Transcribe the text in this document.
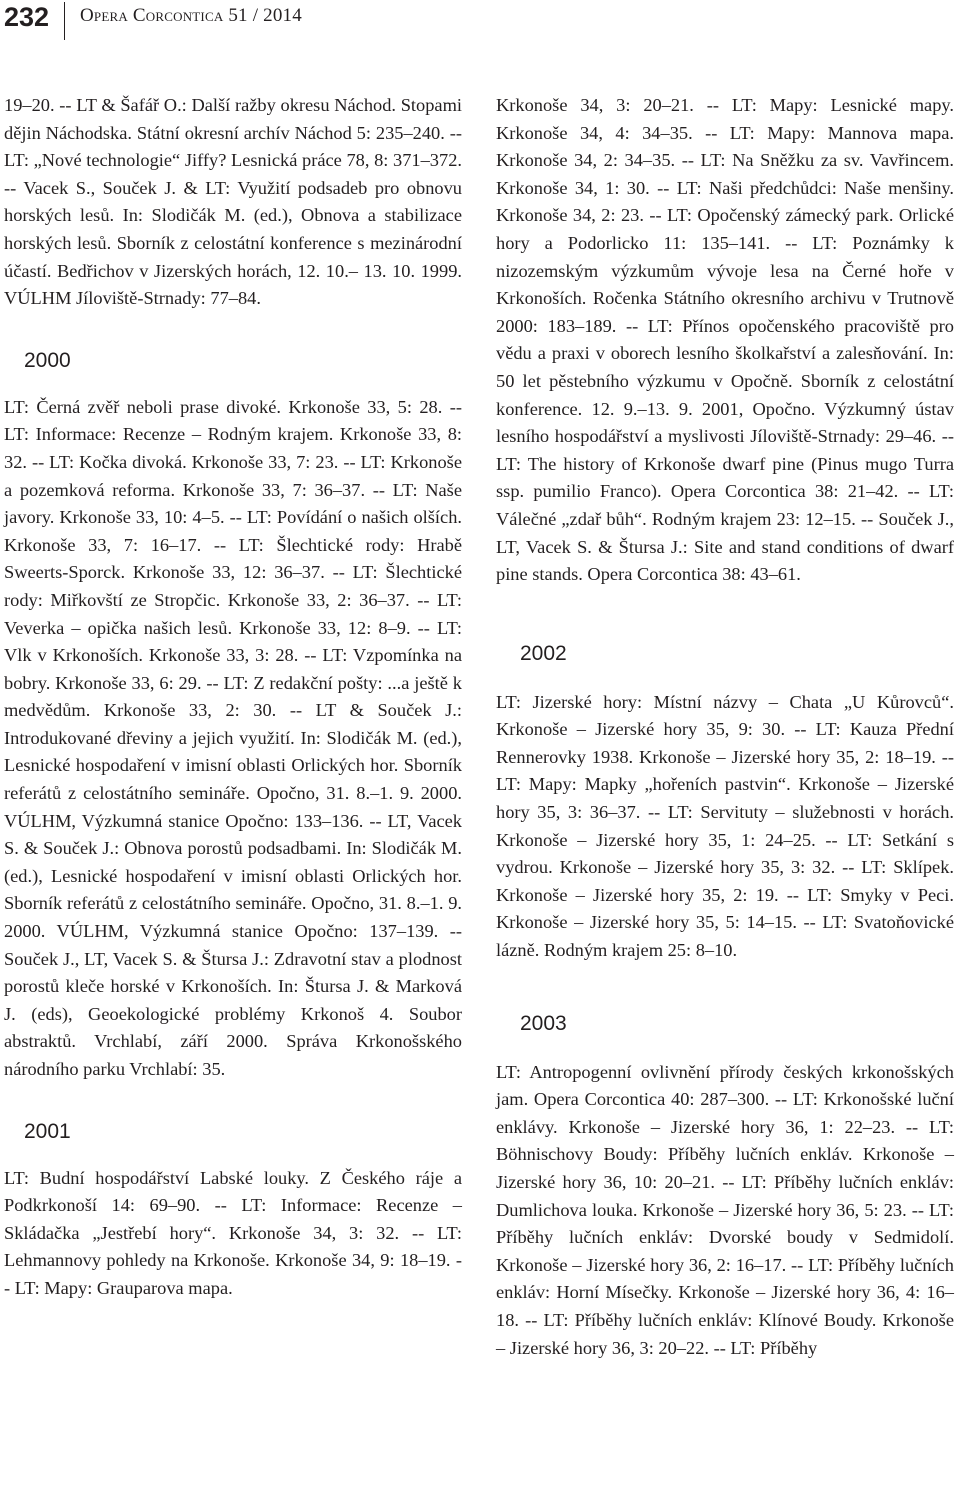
232 Opera Corcontica 51 / 2014

19–20. -- LT & Šafář O.: Další ražby okresu Náchod. Stopami dějin Náchodska. Státní okresní archív Náchod 5: 235–240. -- LT: „Nové technologie“ Jiffy? Lesnická práce 78, 8: 371–372. -- Vacek S., Souček J. & LT: Využití podsadeb pro obnovu horských lesů. In: Slodičák M. (ed.), Obnova a stabilizace horských lesů. Sborník z celostátní konference s mezinárodní účastí. Bedřichov v Jizerských horách, 12. 10.– 13. 10. 1999. VÚLHM Jíloviště-Strnady: 77–84.

2000

LT: Černá zvěř neboli prase divoké. Krkonoše 33, 5: 28. -- LT: Informace: Recenze – Rodným krajem. Krkonoše 33, 8: 32. -- LT: Kočka divoká. Krkonoše 33, 7: 23. -- LT: Krkonoše a pozemková reforma. Krkonoše 33, 7: 36–37. -- LT: Naše javory. Krkonoše 33, 10: 4–5. -- LT: Povídání o našich olších. Krkonoše 33, 7: 16–17. -- LT: Šlechtické rody: Hrabě Sweerts-Sporck. Krkonoše 33, 12: 36–37. -- LT: Šlechtické rody: Miřkovští ze Stropčic. Krkonoše 33, 2: 36–37. -- LT: Veverka – opička našich lesů. Krkonoše 33, 12: 8–9. -- LT: Vlk v Krkonoších. Krkonoše 33, 3: 28. -- LT: Vzpomínka na bobry. Krkonoše 33, 6: 29. -- LT: Z redakční pošty: ...a ještě k medvědům. Krkonoše 33, 2: 30. -- LT & Souček J.: Introdukované dřeviny a jejich využití. In: Slodičák M. (ed.), Lesnické hospodaření v imisní oblasti Orlických hor. Sborník referátů z celostátního semináře. Opočno, 31. 8.–1. 9. 2000. VÚLHM, Výzkumná stanice Opočno: 133–136. -- LT, Vacek S. & Souček J.: Obnova porostů podsadbami. In: Slodičák M. (ed.), Lesnické hospodaření v imisní oblasti Orlických hor. Sborník referátů z celostátního semináře. Opočno, 31. 8.–1. 9. 2000. VÚLHM, Výzkumná stanice Opočno: 137–139. -- Souček J., LT, Vacek S. & Štursa J.: Zdravotní stav a plodnost porostů kleče horské v Krkonoších. In: Štursa J. & Marková J. (eds), Geoekologické problémy Krkonoš 4. Soubor abstraktů. Vrchlabí, září 2000. Správa Krkonošského národního parku Vrchlabí: 35.

2001

LT: Budní hospodářství Labské louky. Z Českého ráje a Podkrkonoší 14: 69–90. -- LT: Informace: Recenze – Skládačka „Jestřebí hory“. Krkonoše 34, 3: 32. -- LT: Lehmannovy pohledy na Krkonoše. Krkonoše 34, 9: 18–19. -- LT: Mapy: Grauparova mapa.

Krkonoše 34, 3: 20–21. -- LT: Mapy: Lesnické mapy. Krkonoše 34, 4: 34–35. -- LT: Mapy: Mannova mapa. Krkonoše 34, 2: 34–35. -- LT: Na Sněžku za sv. Vavřincem. Krkonoše 34, 1: 30. -- LT: Naši předchůdci: Naše menšiny. Krkonoše 34, 2: 23. -- LT: Opočenský zámecký park. Orlické hory a Podorlicko 11: 135–141. -- LT: Poznámky k nizozemským výzkumům vývoje lesa na Černé hoře v Krkonoších. Ročenka Státního okresního archivu v Trutnově 2000: 183–189. -- LT: Přínos opočenského pracoviště pro vědu a praxi v oborech lesního školkařství a zalesňování. In: 50 let pěstebního výzkumu v Opočně. Sborník z celostátní konference. 12. 9.–13. 9. 2001, Opočno. Výzkumný ústav lesního hospodářství a myslivosti Jíloviště-Strnady: 29–46. -- LT: The history of Krkonoše dwarf pine (Pinus mugo Turra ssp. pumilio Franco). Opera Corcontica 38: 21–42. -- LT: Válečné „zdař bůh“. Rodným krajem 23: 12–15. -- Souček J., LT, Vacek S. & Štursa J.: Site and stand conditions of dwarf pine stands. Opera Corcontica 38: 43–61.

2002

LT: Jizerské hory: Místní názvy – Chata „U Kůrovců“. Krkonoše – Jizerské hory 35, 9: 30. -- LT: Kauza Přední Rennerovky 1938. Krkonoše – Jizerské hory 35, 2: 18–19. -- LT: Mapy: Mapky „hořeních pastvin“. Krkonoše – Jizerské hory 35, 3: 36–37. -- LT: Servituty – služebnosti v horách. Krkonoše – Jizerské hory 35, 1: 24–25. -- LT: Setkání s vydrou. Krkonoše – Jizerské hory 35, 3: 32. -- LT: Sklípek. Krkonoše – Jizerské hory 35, 2: 19. -- LT: Smyky v Peci. Krkonoše – Jizerské hory 35, 5: 14–15. -- LT: Svatoňovické lázně. Rodným krajem 25: 8–10.

2003

LT: Antropogenní ovlivnění přírody českých krkonošských jam. Opera Corcontica 40: 287–300. -- LT: Krkonošské luční enklávy. Krkonoše – Jizerské hory 36, 1: 22–23. -- LT: Böhnischovy Boudy: Příběhy lučních enkláv. Krkonoše – Jizerské hory 36, 10: 20–21. -- LT: Příběhy lučních enkláv: Dumlichova louka. Krkonoše – Jizerské hory 36, 5: 23. -- LT: Příběhy lučních enkláv: Dvorské boudy v Sedmidolí. Krkonoše – Jizerské hory 36, 2: 16–17. -- LT: Příběhy lučních enkláv: Horní Mísečky. Krkonoše – Jizerské hory 36, 4: 16–18. -- LT: Příběhy lučních enkláv: Klínové Boudy. Krkonoše – Jizerské hory 36, 3: 20–22. -- LT: Příběhy
